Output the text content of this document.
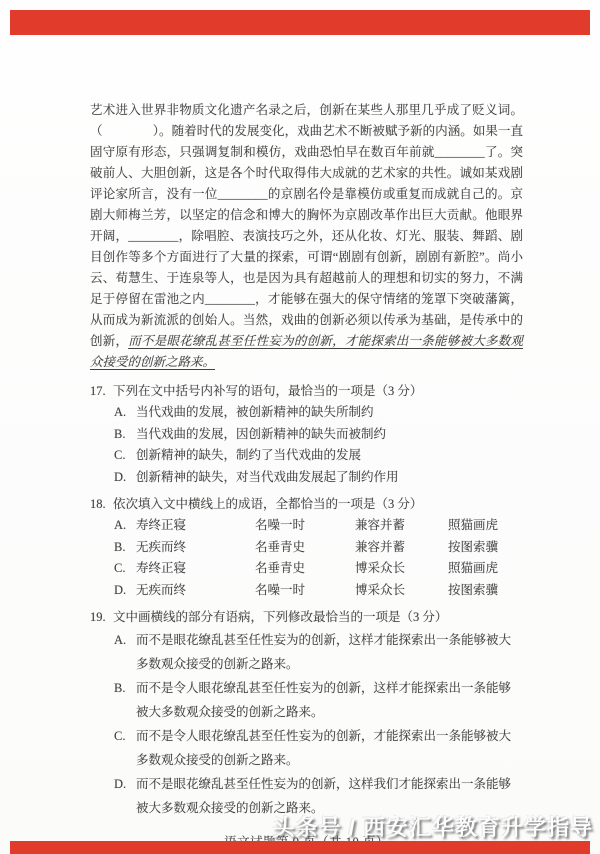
艺术进入世界非物质文化遗产名录之后，创新在某些人那里几乎成了贬义词。（　　　　）。随着时代的发展变化，戏曲艺术不断被赋予新的内涵。如果一直固守原有形态，只强调复制和模仿，戏曲恐怕早在数百年前就________了。突破前人、大胆创新，这是各个时代取得伟大成就的艺术家的共性。诚如某戏剧评论家所言，没有一位________的京剧名伶是靠模仿或重复而成就自己的。京剧大师梅兰芳，以坚定的信念和博大的胸怀为京剧改革作出巨大贡献。他眼界开阔，________，除唱腔、表演技巧之外，还从化妆、灯光、服装、舞蹈、剧目创作等多个方面进行了大量的探索，可谓“剧剧有创新，剧剧有新腔”。尚小云、荀慧生、于连泉等人，也是因为具有超越前人的理想和切实的努力，不满足于停留在雷池之内________，才能够在强大的保守情绪的笼罩下突破藩篱，从而成为新流派的创始人。当然，戏曲的创新必须以传承为基础，是传承中的创新，而不是眼花缭乱甚至任性妄为的创新，才能探索出一条能够被大多数观众接受的创新之路来。

17. 下列在文中括号内补写的语句，最恰当的一项是（3 分）
A. 当代戏曲的发展，被创新精神的缺失所制约
B. 当代戏曲的发展，因创新精神的缺失而被制约
C. 创新精神的缺失，制约了当代戏曲的发展
D. 创新精神的缺失，对当代戏曲发展起了制约作用
18. 依次填入文中横线上的成语，全都恰当的一项是（3 分）
A. 寿终正寝	名噪一时	兼容并蓄	照猫画虎
B. 无疾而终	名垂青史	兼容并蓄	按图索骥
C. 寿终正寝	名垂青史	博采众长	照猫画虎
D. 无疾而终	名噪一时	博采众长	按图索骥
19. 文中画横线的部分有语病，下列修改最恰当的一项是（3 分）
A. 而不是眼花缭乱甚至任性妄为的创新，这样才能探索出一条能够被大多数观众接受的创新之路来。
B. 而不是令人眼花缭乱甚至任性妄为的创新，这样才能探索出一条能够被大多数观众接受的创新之路来。
C. 而不是令人眼花缭乱甚至任性妄为的创新，才能探索出一条能够被大多数观众接受的创新之路来。
D. 而不是眼花缭乱甚至任性妄为的创新，这样我们才能探索出一条能够被大多数观众接受的创新之路来。
头条号 / 西安汇华教育升学指导
